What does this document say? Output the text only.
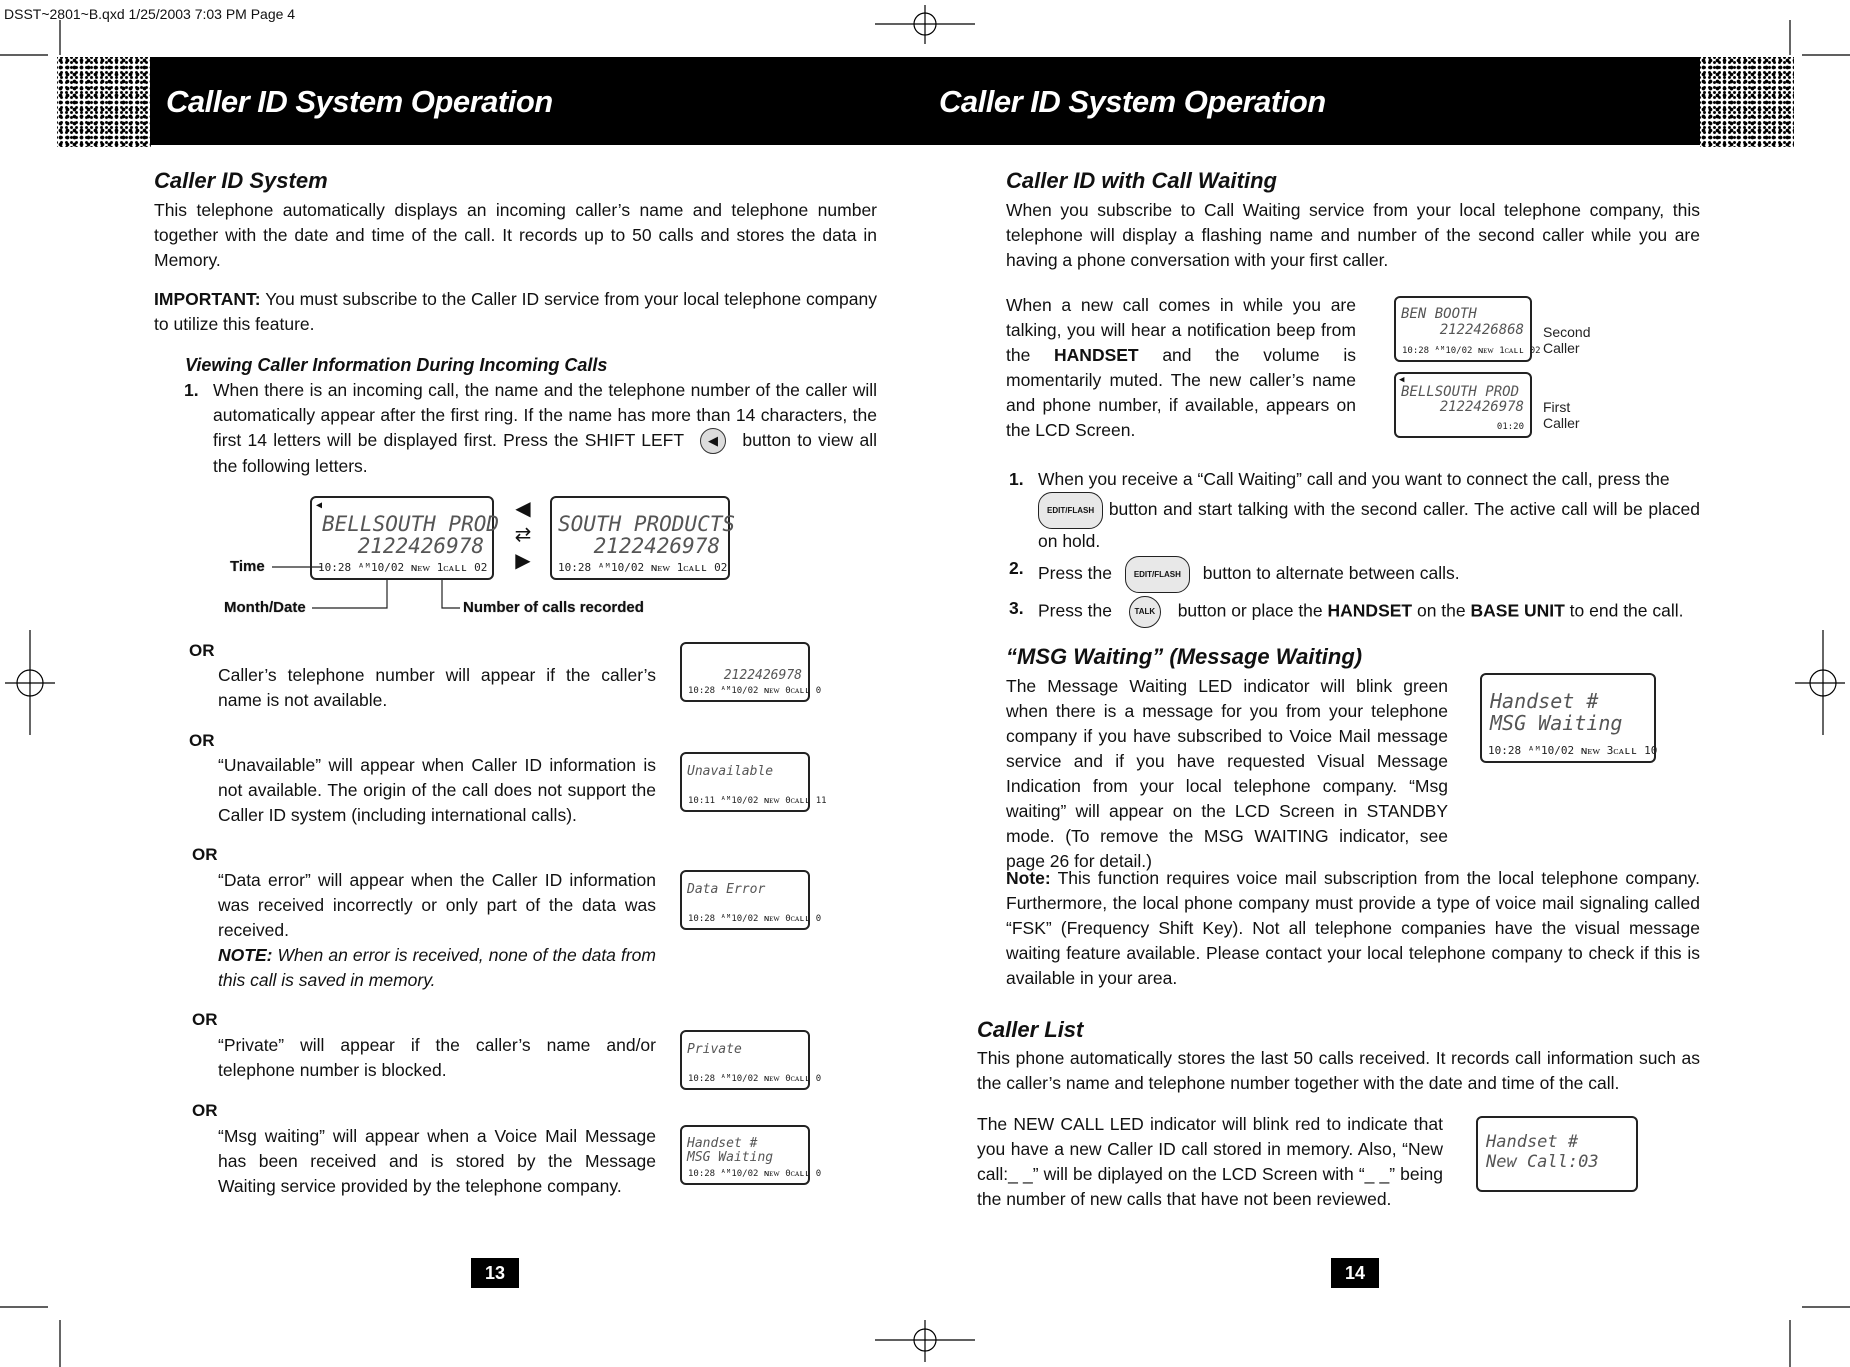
DSST~2801~B.qxd 1/25/2003 7:03 PM Page 4
Caller ID System Operation	Caller ID System Operation
Caller ID System
This telephone automatically displays an incoming caller’s name and telephone number together with the date and time of the call. It records up to 50 calls and stores the data in Memory.
IMPORTANT: You must subscribe to the Caller ID service from your local telephone company to utilize this feature.
Viewing Caller Information During Incoming Calls
1. When there is an incoming call, the name and the telephone number of the caller will automatically appear after the first ring. If the name has more than 14 characters, the first 14 letters will be displayed first. Press the SHIFT LEFT ◀ button to view all the following letters.
◀
BELLSOUTH PROD
2122426978
10:28 ᴬᴹ10/02 ɴᴇᴡ 1ᴄᴀʟʟ 02
◀
⇄
▶
SOUTH PRODUCTS
2122426978
10:28 ᴬᴹ10/02 ɴᴇᴡ 1ᴄᴀʟʟ 02
Time
Month/Date	Number of calls recorded
OR
Caller’s telephone number will appear if the caller’s name is not available.
2122426978
10:28 ᴬᴹ10/02 ɴᴇᴡ 0ᴄᴀʟʟ 0
OR
“Unavailable” will appear when Caller ID information is not available. The origin of the call does not support the Caller ID system (including international calls).
Unavailable
10:11 ᴬᴹ10/02 ɴᴇᴡ 0ᴄᴀʟʟ 11
OR
“Data error” will appear when the Caller ID information was received incorrectly or only part of the data was received.
NOTE: When an error is received, none of the data from this call is saved in memory.
Data Error
10:28 ᴬᴹ10/02 ɴᴇᴡ 0ᴄᴀʟʟ 0
OR
“Private” will appear if the caller’s name and/or telephone number is blocked.
Private
10:28 ᴬᴹ10/02 ɴᴇᴡ 0ᴄᴀʟʟ 0
OR
“Msg waiting” will appear when a Voice Mail Message has been received and is stored by the Message Waiting service provided by the telephone company.
Handset #
MSG Waiting
10:28 ᴬᴹ10/02 ɴᴇᴡ 0ᴄᴀʟʟ 0
13
Caller ID with Call Waiting
When you subscribe to Call Waiting service from your local telephone company, this telephone will display a flashing name and number of the second caller while you are having a phone conversation with your first caller.
When a new call comes in while you are talking, you will hear a notification beep from the HANDSET and the volume is momentarily muted. The new caller’s name and phone number, if available, appears on the LCD Screen.
BEN BOOTH
2122426868
10:28 ᴬᴹ10/02 ɴᴇᴡ 1ᴄᴀʟʟ 02
Second
Caller
◀
BELLSOUTH PROD
2122426978
01:20
First
Caller
1. When you receive a “Call Waiting” call and you want to connect the call, press the
EDIT/FLASH button and start talking with the second caller. The active call will be placed on hold.
2. Press the	EDIT/FLASH button to alternate between calls.
3. Press the	TALK button or place the HANDSET on the BASE UNIT to end the call.
“MSG Waiting” (Message Waiting)
The Message Waiting LED indicator will blink green when there is a message for you from your telephone company if you have subscribed to Voice Mail message service and if you have requested Visual Message Indication from your local telephone company. “Msg waiting” will appear on the LCD Screen in STANDBY mode. (To remove the MSG WAITING indicator, see page 26 for detail.)
Handset #
MSG Waiting
10:28 ᴬᴹ10/02 ɴᴇᴡ 3ᴄᴀʟʟ 10
Note: This function requires voice mail subscription from the local telephone company. Furthermore, the local phone company must provide a type of voice mail signaling called “FSK” (Frequency Shift Key). Not all telephone companies have the visual message waiting feature available. Please contact your local telephone company to check if this is available in your area.
Caller List
This phone automatically stores the last 50 calls received. It records call information such as the caller’s name and telephone number together with the date and time of the call.
The NEW CALL LED indicator will blink red to indicate that you have a new Caller ID call stored in memory. Also, “New call:_ _” will be diplayed on the LCD Screen with “_ _” being the number of new calls that have not been reviewed.
Handset #
New Call:03
14
